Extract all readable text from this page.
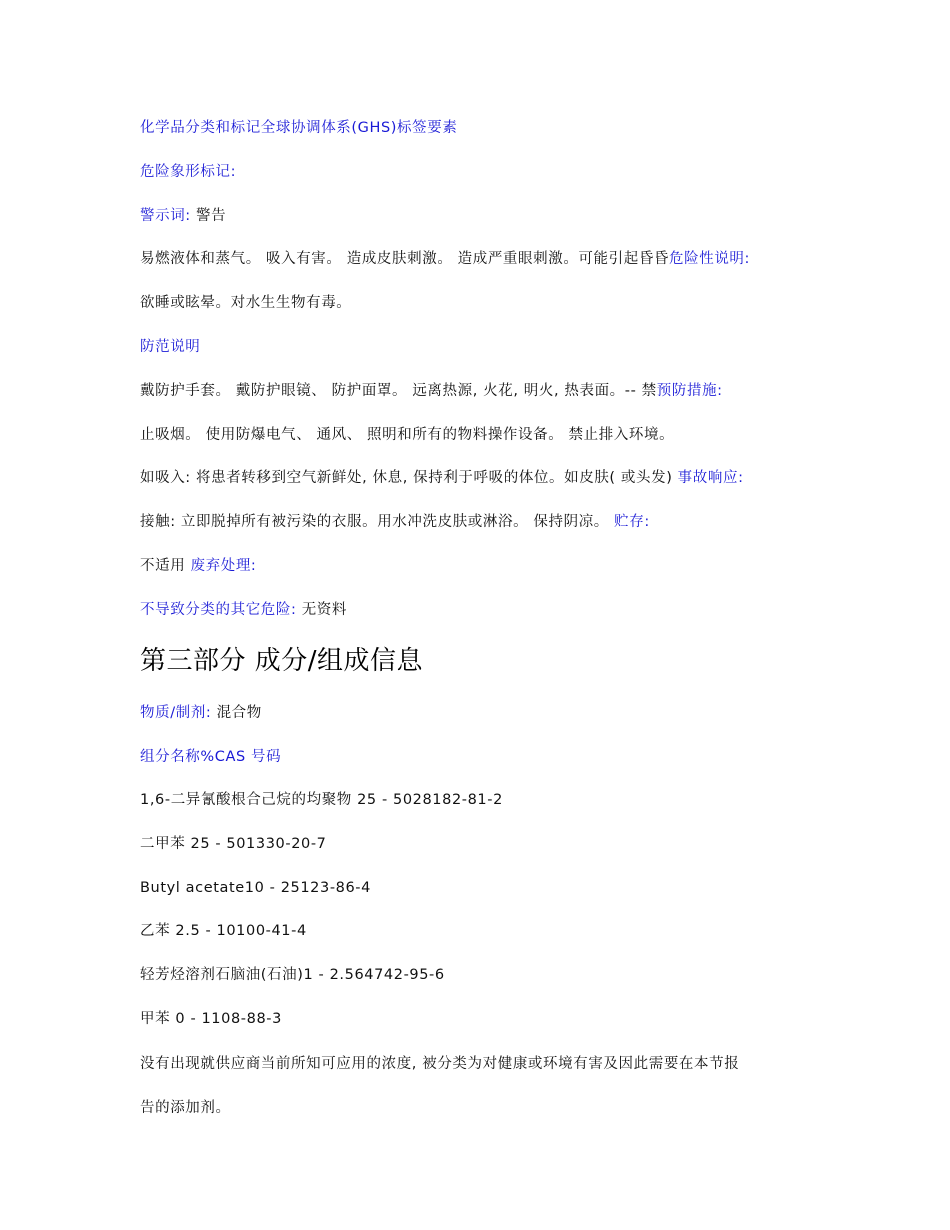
化学品分类和标记全球协调体系(GHS)标签要素
危险象形标记:
警示词: 警告
易燃液体和蒸气。 吸入有害。 造成皮肤刺激。 造成严重眼刺激。可能引起昏昏危险性说明:
欲睡或眩晕。对水生生物有毒。
防范说明
戴防护手套。 戴防护眼镜、 防护面罩。 远离热源, 火花, 明火, 热表面。-- 禁预防措施:
止吸烟。 使用防爆电气、 通风、 照明和所有的物料操作设备。 禁止排入环境。
如吸入: 将患者转移到空气新鲜处, 休息, 保持利于呼吸的体位。如皮肤( 或头发) 事故响应:
接触: 立即脱掉所有被污染的衣服。用水冲洗皮肤或淋浴。 保持阴凉。 贮存:
不适用 废弃处理:
不导致分类的其它危险: 无资料
第三部分 成分/组成信息
物质/制剂: 混合物
组分名称%CAS 号码
1,6-二异氰酸根合己烷的均聚物 25 - 5028182-81-2
二甲苯 25 - 501330-20-7
Butyl acetate10 - 25123-86-4
乙苯 2.5 - 10100-41-4
轻芳烃溶剂石脑油(石油)1 - 2.564742-95-6
甲苯 0 - 1108-88-3
没有出现就供应商当前所知可应用的浓度, 被分类为对健康或环境有害及因此需要在本节报
告的添加剂。
